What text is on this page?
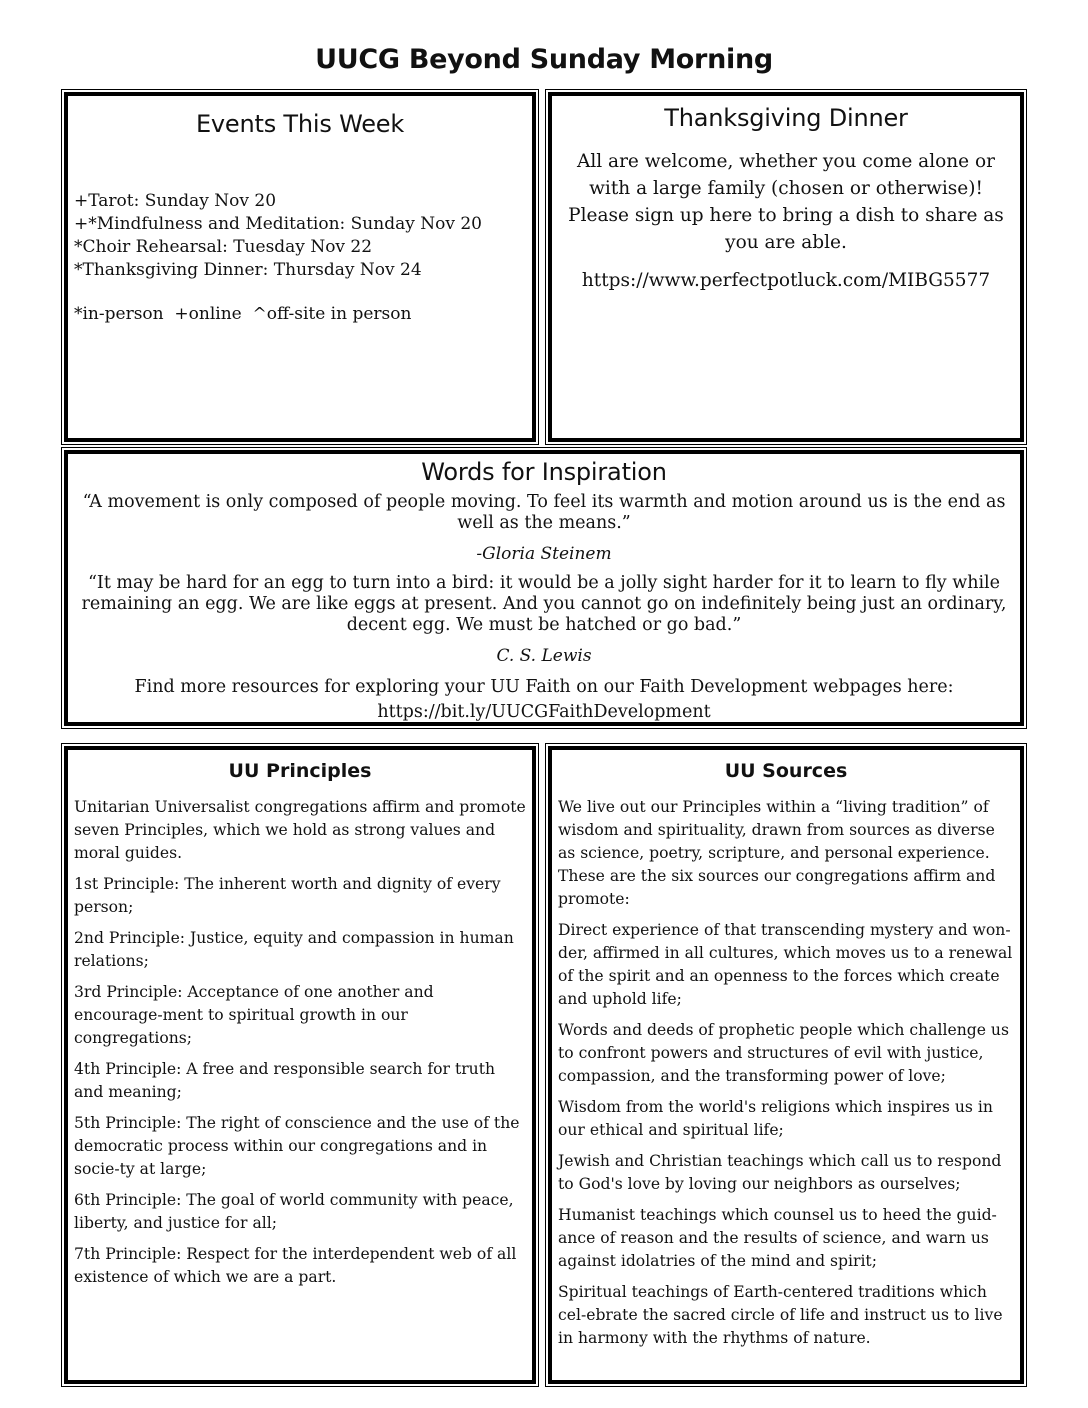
UUCG Beyond Sunday Morning
Events This Week
+Tarot: Sunday Nov 20
+*Mindfulness and Meditation: Sunday Nov 20
*Choir Rehearsal: Tuesday Nov 22
*Thanksgiving Dinner: Thursday Nov 24
*in-person  +online  ^off-site in person
Thanksgiving Dinner
All are welcome, whether you come alone or with a large family (chosen or otherwise)! Please sign up here to bring a dish to share as you are able.
https://www.perfectpotluck.com/MIBG5577
Words for Inspiration
“A movement is only composed of people moving. To feel its warmth and motion around us is the end as well as the means.”
-Gloria Steinem
“It may be hard for an egg to turn into a bird: it would be a jolly sight harder for it to learn to fly while remaining an egg. We are like eggs at present. And you cannot go on indefinitely being just an ordinary, decent egg. We must be hatched or go bad.”
C. S. Lewis
Find more resources for exploring your UU Faith on our Faith Development webpages here: https://bit.ly/UUCGFaithDevelopment
UU Principles

Unitarian Universalist congregations affirm and promote seven Principles, which we hold as strong values and moral guides.

1st Principle: The inherent worth and dignity of every person;

2nd Principle: Justice, equity and compassion in human relations;

3rd Principle: Acceptance of one another and encourage-ment to spiritual growth in our congregations;

4th Principle: A free and responsible search for truth and meaning;

5th Principle: The right of conscience and the use of the democratic process within our congregations and in socie-ty at large;

6th Principle: The goal of world community with peace, liberty, and justice for all;

7th Principle: Respect for the interdependent web of all existence of which we are a part.

UU Sources

We live out our Principles within a “living tradition” of wisdom and spirituality, drawn from sources as diverse as science, poetry, scripture, and personal experience. These are the six sources our congregations affirm and promote:

Direct experience of that transcending mystery and won-der, affirmed in all cultures, which moves us to a renewal of the spirit and an openness to the forces which create and uphold life;

Words and deeds of prophetic people which challenge us to confront powers and structures of evil with justice, compassion, and the transforming power of love;

Wisdom from the world's religions which inspires us in our ethical and spiritual life;

Jewish and Christian teachings which call us to respond to God's love by loving our neighbors as ourselves;

Humanist teachings which counsel us to heed the guid-ance of reason and the results of science, and warn us against idolatries of the mind and spirit;

Spiritual teachings of Earth-centered traditions which cel-ebrate the sacred circle of life and instruct us to live in harmony with the rhythms of nature.
